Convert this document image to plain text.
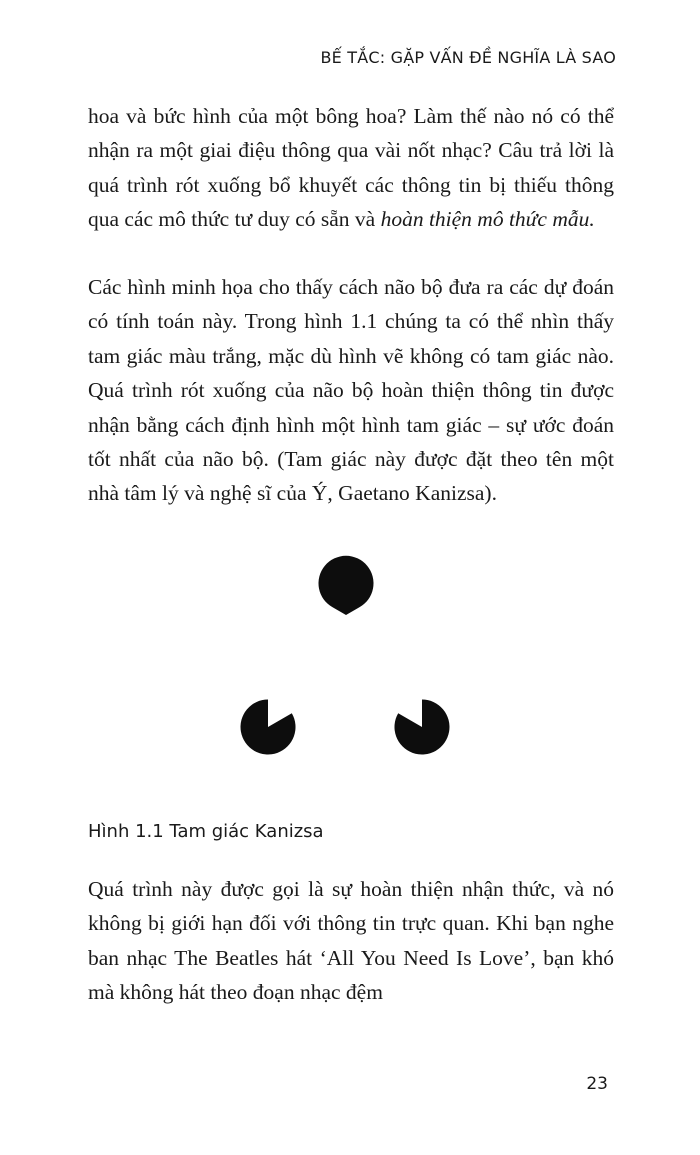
BẾ TẮC: GẶP VẤN ĐỀ NGHĨA LÀ SAO

hoa và bức hình của một bông hoa? Làm thế nào nó có thể nhận ra một giai điệu thông qua vài nốt nhạc? Câu trả lời là quá trình rót xuống bổ khuyết các thông tin bị thiếu thông qua các mô thức tư duy có sẵn và hoàn thiện mô thức mẫu.

Các hình minh họa cho thấy cách não bộ đưa ra các dự đoán có tính toán này. Trong hình 1.1 chúng ta có thể nhìn thấy tam giác màu trắng, mặc dù hình vẽ không có tam giác nào. Quá trình rót xuống của não bộ hoàn thiện thông tin được nhận bằng cách định hình một hình tam giác – sự ước đoán tốt nhất của não bộ. (Tam giác này được đặt theo tên một nhà tâm lý và nghệ sĩ của Ý, Gaetano Kanizsa).

Hình 1.1 Tam giác Kanizsa

Quá trình này được gọi là sự hoàn thiện nhận thức, và nó không bị giới hạn đối với thông tin trực quan. Khi bạn nghe ban nhạc The Beatles hát ‘All You Need Is Love’, bạn khó mà không hát theo đoạn nhạc đệm

23
